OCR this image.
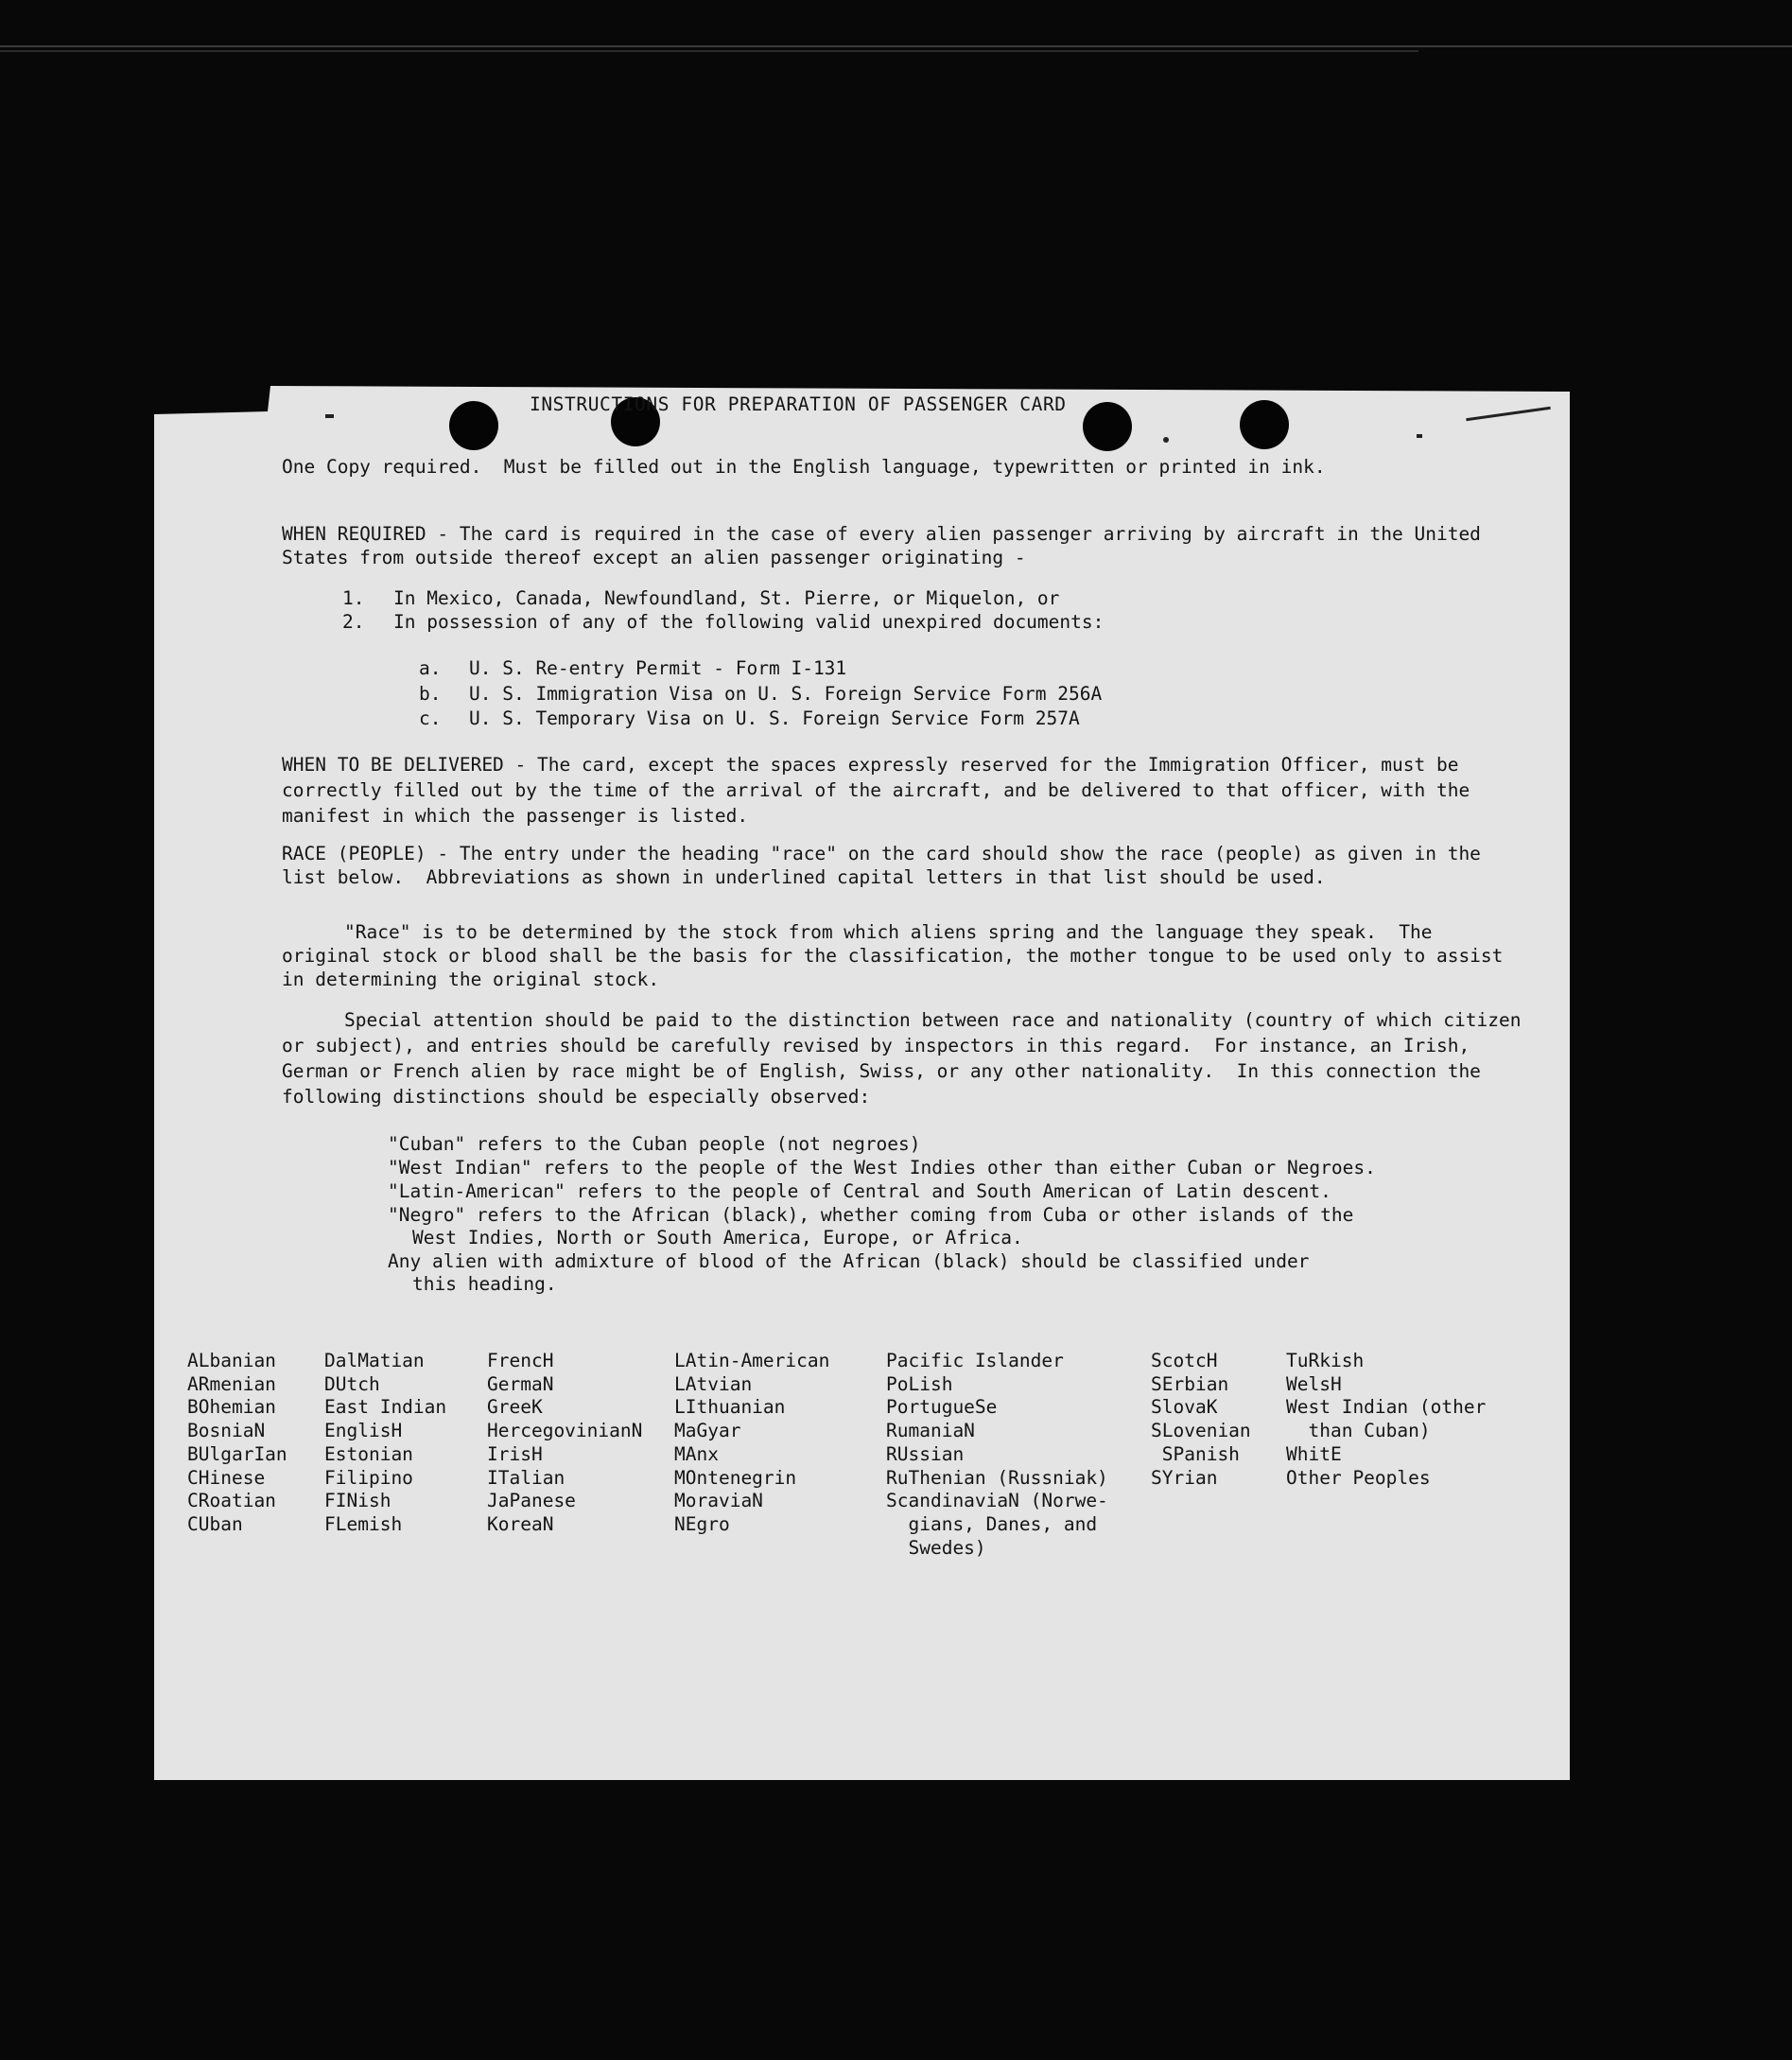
INSTRUCTIONS FOR PREPARATION OF PASSENGER CARD
One Copy required.  Must be filled out in the English language, typewritten or printed in ink.
WHEN REQUIRED - The card is required in the case of every alien passenger arriving by aircraft in the United States from outside thereof except an alien passenger originating -
1. In Mexico, Canada, Newfoundland, St. Pierre, or Miquelon, or
2. In possession of any of the following valid unexpired documents:
a. U. S. Re-entry Permit - Form I-131
b. U. S. Immigration Visa on U. S. Foreign Service Form 256A
c. U. S. Temporary Visa on U. S. Foreign Service Form 257A
WHEN TO BE DELIVERED - The card, except the spaces expressly reserved for the Immigration Officer, must be correctly filled out by the time of the arrival of the aircraft, and be delivered to that officer, with the manifest in which the passenger is listed.
RACE (PEOPLE) - The entry under the heading "race" on the card should show the race (people) as given in the list below.  Abbreviations as shown in underlined capital letters in that list should be used.
"Race" is to be determined by the stock from which aliens spring and the language they speak.  The original stock or blood shall be the basis for the classification, the mother tongue to be used only to assist in determining the original stock.
Special attention should be paid to the distinction between race and nationality (country of which citizen or subject), and entries should be carefully revised by inspectors in this regard.  For instance, an Irish, German or French alien by race might be of English, Swiss, or any other nationality.  In this connection the following distinctions should be especially observed:
"Cuban" refers to the Cuban people (not negroes)
"West Indian" refers to the people of the West Indies other than either Cuban or Negroes.
"Latin-American" refers to the people of Central and South American of Latin descent.
"Negro" refers to the African (black), whether coming from Cuba or other islands of the
West Indies, North or South America, Europe, or Africa.
Any alien with admixture of blood of the African (black) should be classified under
this heading.
ALbanian
ARmenian
BOhemian
BosniaN
BUlgarIan
CHinese
CRoatian
CUban
DalMatian
DUtch
East Indian
EnglisH
Estonian
Filipino
FINish
FLemish
FrencH
GermaN
GreeK
HercegovinianN
IrisH
ITalian
JaPanese
KoreaN
LAtin-American
LAtvian
LIthuanian
MaGyar
MAnx
MOntenegrin
MoraviaN
NEgro
Pacific Islander
PoLish
PortugueSe
RumaniaN
RUssian
RuThenian (Russniak)
ScandinaviaN (Norwe-
gians, Danes, and
Swedes)
ScotcH
SErbian
SlovaK
SLovenian
SPanish
SYrian
TuRkish
WelsH
West Indian (other
than Cuban)
WhitE
Other Peoples
